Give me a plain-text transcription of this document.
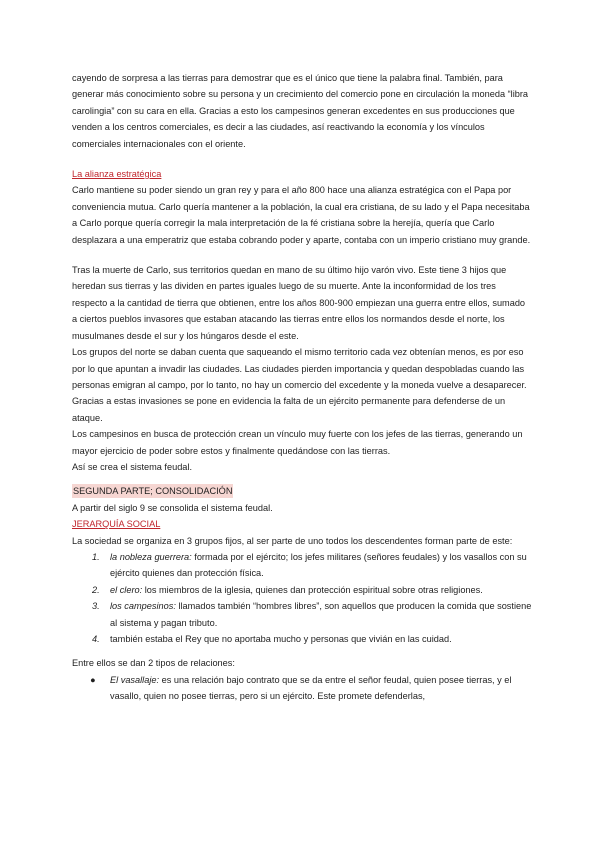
cayendo de sorpresa a las tierras para demostrar que es el único que tiene la palabra final. También, para generar más conocimiento sobre su persona y un crecimiento del comercio pone en circulación la moneda “libra carolingia” con su cara en ella. Gracias a esto los campesinos generan excedentes en sus producciones que venden a los centros comerciales, es decir a las ciudades, así reactivando la economía y los vínculos comerciales internacionales con el oriente.

La alianza estratégica

Carlo mantiene su poder siendo un gran rey y para el año 800 hace una alianza estratégica con el Papa por conveniencia mutua. Carlo quería mantener a la población, la cual era cristiana, de su lado y el Papa necesitaba a Carlo porque quería corregir la mala interpretación de la fé cristiana sobre la herejía, quería que Carlo desplazara a una emperatriz que estaba cobrando poder y aparte, contaba con un imperio cristiano muy grande.

Tras la muerte de Carlo, sus territorios quedan en mano de su último hijo varón vivo. Este tiene 3 hijos que heredan sus tierras y las dividen en partes iguales luego de su muerte. Ante la inconformidad de los tres respecto a la cantidad de tierra que obtienen, entre los años 800-900 empiezan una guerra entre ellos, sumado a ciertos pueblos invasores que estaban atacando las tierras entre ellos los normandos desde el norte, los musulmanes desde el sur y los húngaros desde el este.

Los grupos del norte se daban cuenta que saqueando el mismo territorio cada vez obtenían menos, es por eso por lo que apuntan a invadir las ciudades. Las ciudades pierden importancia y quedan despobladas cuando las personas emigran al campo, por lo tanto, no hay un comercio del excedente y la moneda vuelve a desaparecer. Gracias a estas invasiones se pone en evidencia la falta de un ejército permanente para defenderse de un ataque.

Los campesinos en busca de protección crean un vínculo muy fuerte con los jefes de las tierras, generando un mayor ejercicio de poder sobre estos y finalmente quedándose con las tierras.

Así se crea el sistema feudal.

SEGUNDA PARTE; CONSOLIDACIÓN

A partir del siglo 9 se consolida el sistema feudal.

JERARQUÍA SOCIAL

La sociedad se organiza en 3 grupos fijos, al ser parte de uno todos los descendentes forman parte de este:

1. la nobleza guerrera: formada por el ejército; los jefes militares (señores feudales) y los vasallos con su ejército quienes dan protección física.
2. el clero: los miembros de la iglesia, quienes dan protección espiritual sobre otras religiones.
3. los campesinos: llamados también “hombres libres”, son aquellos que producen la comida que sostiene al sistema y pagan tributo.
4. también estaba el Rey que no aportaba mucho y personas que vivián en las cuidad.

Entre ellos se dan 2 tipos de relaciones:

● El vasallaje: es una relación bajo contrato que se da entre el señor feudal, quien posee tierras, y el vasallo, quien no posee tierras, pero si un ejército. Este promete defenderlas,
